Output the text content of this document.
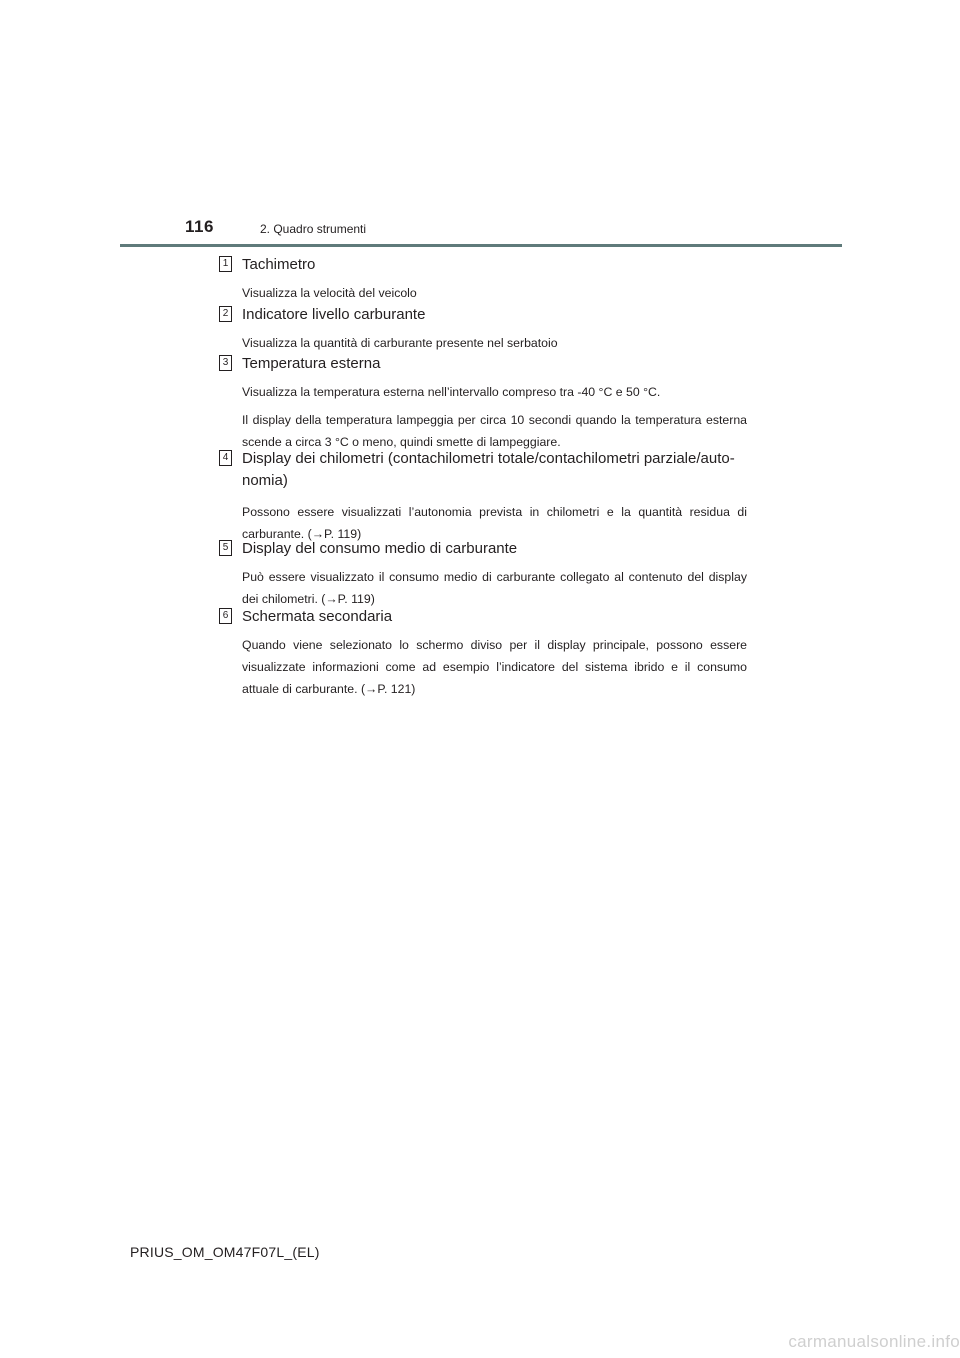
116	2. Quadro strumenti
1 Tachimetro

Visualizza la velocità del veicolo

2 Indicatore livello carburante

Visualizza la quantità di carburante presente nel serbatoio

3 Temperatura esterna

Visualizza la temperatura esterna nell’intervallo compreso tra -40 °C e 50 °C.

Il display della temperatura lampeggia per circa 10 secondi quando la temperatura esterna scende a circa 3 °C o meno, quindi smette di lampeggiare.

4 Display dei chilometri (contachilometri totale/contachilometri parziale/auto-
nomia)

Possono essere visualizzati l’autonomia prevista in chilometri e la quantità residua di carburante. (→P. 119)

5 Display del consumo medio di carburante

Può essere visualizzato il consumo medio di carburante collegato al contenuto del display dei chilometri. (→P. 119)

6 Schermata secondaria

Quando viene selezionato lo schermo diviso per il display principale, possono essere visualizzate informazioni come ad esempio l’indicatore del sistema ibrido e il consumo attuale di carburante. (→P. 121)

PRIUS_OM_OM47F07L_(EL)
carmanualsonline.info
